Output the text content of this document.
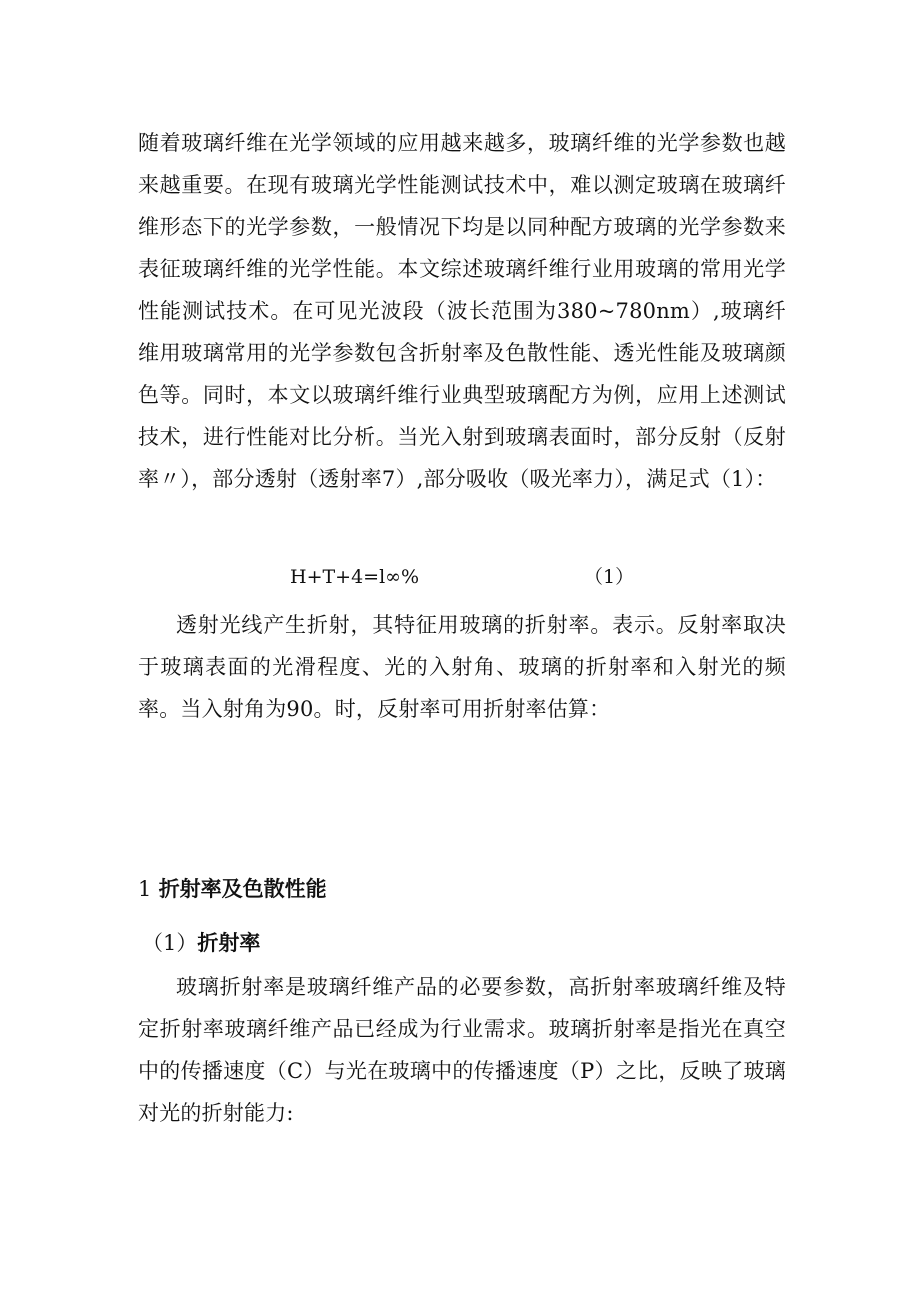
随着玻璃纤维在光学领域的应用越来越多，玻璃纤维的光学参数也越来越重要。在现有玻璃光学性能测试技术中，难以测定玻璃在玻璃纤维形态下的光学参数，一般情况下均是以同种配方玻璃的光学参数来表征玻璃纤维的光学性能。本文综述玻璃纤维行业用玻璃的常用光学性能测试技术。在可见光波段（波长范围为380~780nm）,玻璃纤维用玻璃常用的光学参数包含折射率及色散性能、透光性能及玻璃颜色等。同时，本文以玻璃纤维行业典型玻璃配方为例，应用上述测试技术，进行性能对比分析。当光入射到玻璃表面时，部分反射（反射率〃），部分透射（透射率7）,部分吸收（吸光率力），满足式（1）：

H+T+4=l∞%	（1）

透射光线产生折射，其特征用玻璃的折射率。表示。反射率取决于玻璃表面的光滑程度、光的入射角、玻璃的折射率和入射光的频率。当入射角为90。时，反射率可用折射率估算：

1 折射率及色散性能
（1）折射率

玻璃折射率是玻璃纤维产品的必要参数，高折射率玻璃纤维及特定折射率玻璃纤维产品已经成为行业需求。玻璃折射率是指光在真空中的传播速度（C）与光在玻璃中的传播速度（P）之比，反映了玻璃对光的折射能力:
